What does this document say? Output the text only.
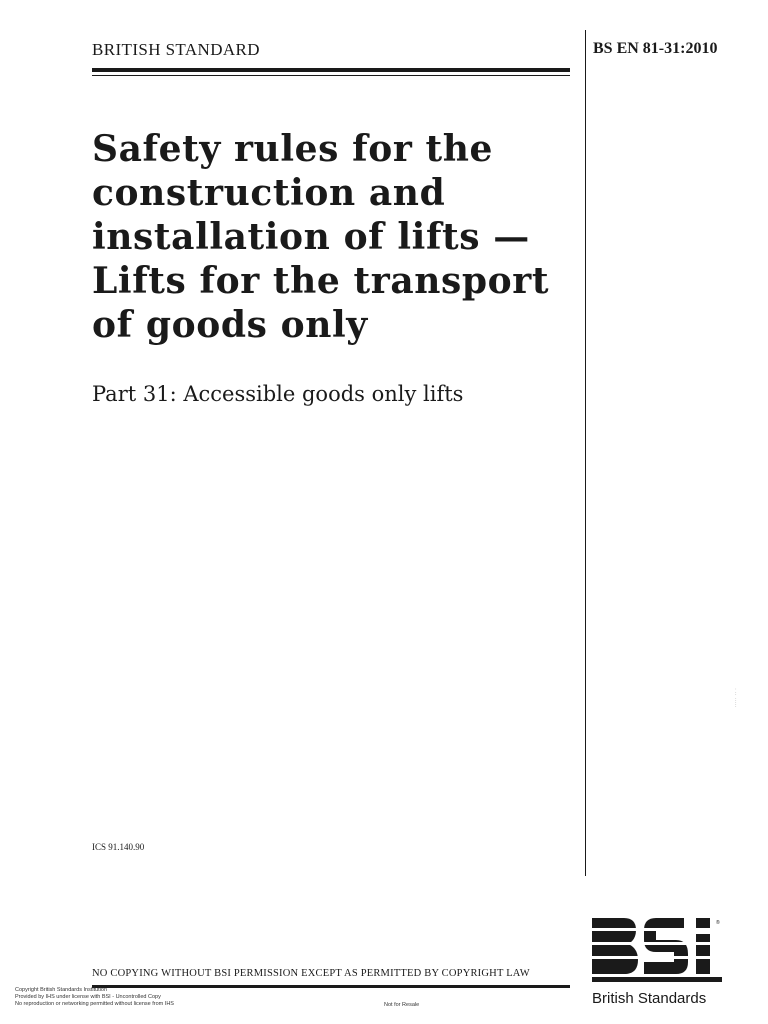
BRITISH STANDARD	BS EN 81-31:2010
Safety rules for the
construction and
installation of lifts —
Lifts for the transport
of goods only
Part 31: Accessible goods only lifts
· ·· ·····
ICS 91.140.90
NO COPYING WITHOUT BSI PERMISSION EXCEPT AS PERMITTED BY COPYRIGHT LAW
Copyright British Standards Institution
Provided by IHS under license with BSI - Uncontrolled Copy
No reproduction or networking permitted without license from IHS	Not for Resale
®
British Standards
